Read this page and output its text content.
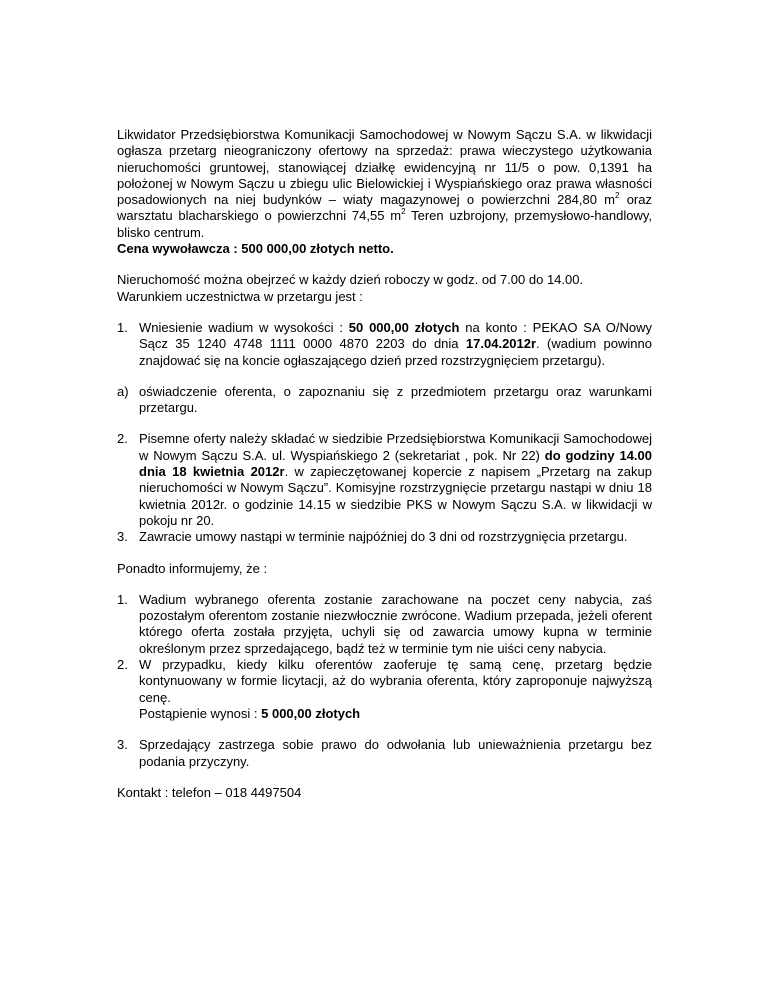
Likwidator Przedsiębiorstwa Komunikacji Samochodowej w Nowym Sączu S.A. w likwidacji ogłasza przetarg nieograniczony ofertowy na sprzedaż: prawa wieczystego użytkowania nieruchomości gruntowej, stanowiącej działkę ewidencyjną nr 11/5 o pow. 0,1391 ha położonej w Nowym Sączu u zbiegu ulic Bielowickiej i Wyspiańskiego oraz prawa własności posadowionych na niej budynków – wiaty magazynowej o powierzchni 284,80 $m^2$ oraz warsztatu blacharskiego o powierzchni 74,55 $m^2$ Teren uzbrojony, przemysłowo-handlowy, blisko centrum.

Cena wywoławcza : 500 000,00 złotych netto.

Nieruchomość można obejrzeć w każdy dzień roboczy w godz. od 7.00 do 14.00.

Warunkiem uczestnictwa w przetargu jest :

1. Wniesienie wadium w wysokości : 50 000,00 złotych na konto : PEKAO SA O/Nowy Sącz 35 1240 4748 1111 0000 4870 2203 do dnia 17.04.2012r. (wadium powinno znajdować się na koncie ogłaszającego dzień przed rozstrzygnięciem przetargu).
a) oświadczenie oferenta, o zapoznaniu się z przedmiotem przetargu oraz warunkami przetargu.
2. Pisemne oferty należy składać w siedzibie Przedsiębiorstwa Komunikacji Samochodowej w Nowym Sączu S.A. ul. Wyspiańskiego 2 (sekretariat , pok. Nr 22) do godziny 14.00 dnia 18 kwietnia 2012r. w zapieczętowanej kopercie z napisem „Przetarg na zakup nieruchomości w Nowym Sączu”. Komisyjne rozstrzygnięcie przetargu nastąpi w dniu 18 kwietnia 2012r. o godzinie 14.15 w siedzibie PKS w Nowym Sączu S.A. w likwidacji w pokoju nr 20.
3. Zawracie umowy nastąpi w terminie najpóźniej do 3 dni od rozstrzygnięcia przetargu.

Ponadto informujemy, że :

1. Wadium wybranego oferenta zostanie zarachowane na poczet ceny nabycia, zaś pozostałym oferentom zostanie niezwłocznie zwrócone. Wadium przepada, jeżeli oferent którego oferta została przyjęta, uchyli się od zawarcia umowy kupna w terminie określonym przez sprzedającego, bądź też w terminie tym nie uiści ceny nabycia.
2. W przypadku, kiedy kilku oferentów zaoferuje tę samą cenę, przetarg będzie kontynuowany w formie licytacji, aż do wybrania oferenta, który zaproponuje najwyższą cenę.
Postąpienie wynosi : 5 000,00 złotych
3. Sprzedający zastrzega sobie prawo do odwołania lub unieważnienia przetargu bez podania przyczyny.

Kontakt : telefon – 018 4497504
